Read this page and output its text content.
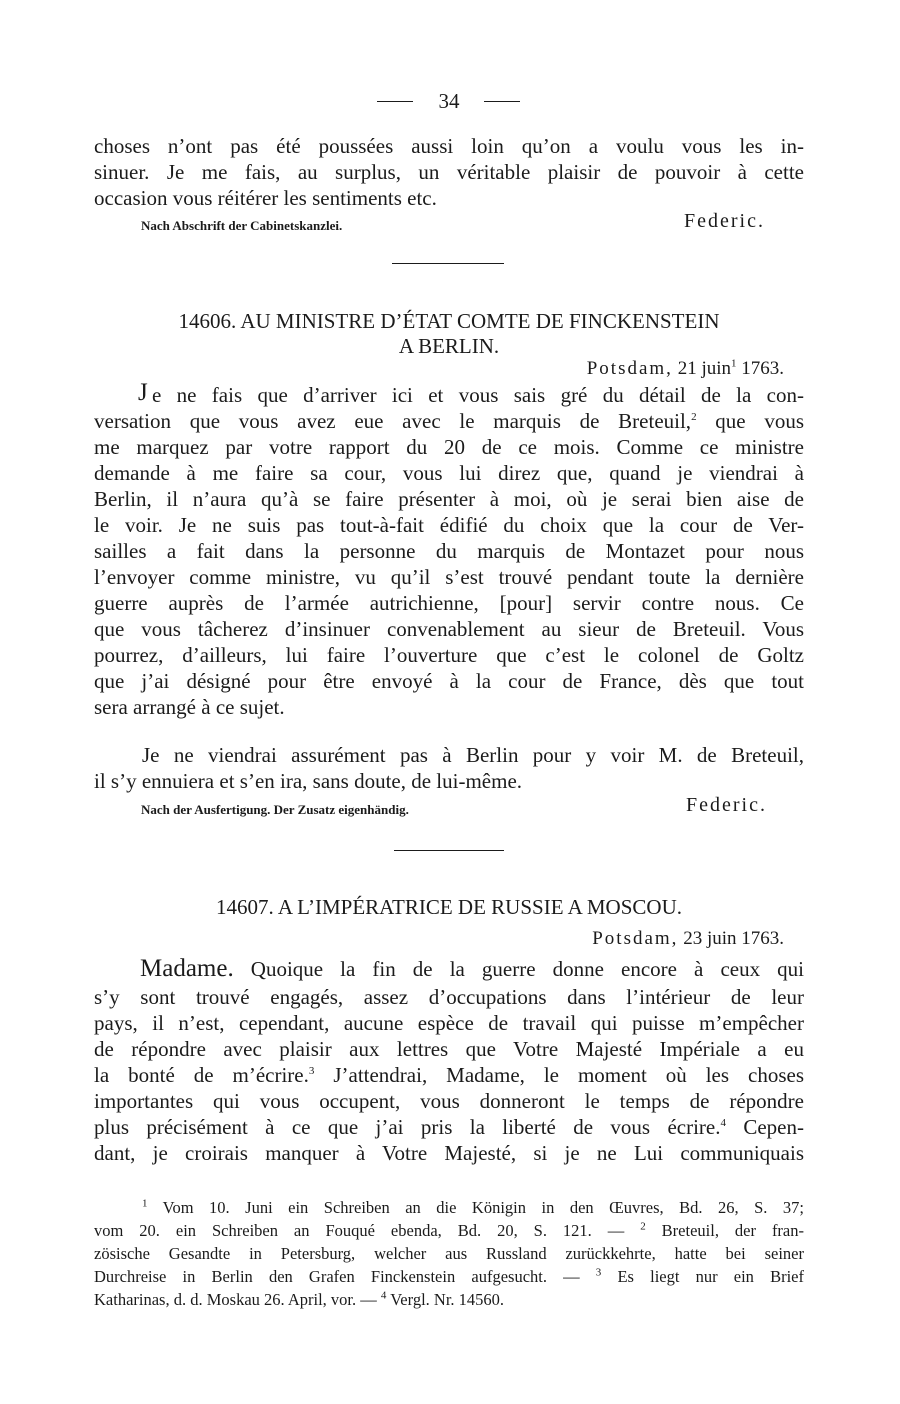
34
choses n’ont pas été poussées aussi loin qu’on a voulu vous les in-
sinuer. Je me fais, au surplus, un véritable plaisir de pouvoir à cette
occasion vous réitérer les sentiments etc.
Nach Abschrift der Cabinetskanzlei.	Federic.
14606. AU MINISTRE D’ÉTAT COMTE DE FINCKENSTEIN
A BERLIN.
Potsdam, 21 juin$^1$ 1763.
J e ne fais que d’arriver ici et vous sais gré du détail de la con-
versation que vous avez eue avec le marquis de Breteuil,$^2$ que vous
me marquez par votre rapport du 20 de ce mois. Comme ce ministre
demande à me faire sa cour, vous lui direz que, quand je viendrai à
Berlin, il n’aura qu’à se faire présenter à moi, où je serai bien aise de
le voir. Je ne suis pas tout-à-fait édifié du choix que la cour de Ver-
sailles a fait dans la personne du marquis de Montazet pour nous
l’envoyer comme ministre, vu qu’il s’est trouvé pendant toute la dernière
guerre auprès de l’armée autrichienne, [pour] servir contre nous. Ce
que vous tâcherez d’insinuer convenablement au sieur de Breteuil. Vous
pourrez, d’ailleurs, lui faire l’ouverture que c’est le colonel de Goltz
que j’ai désigné pour être envoyé à la cour de France, dès que tout
sera arrangé à ce sujet.
Je ne viendrai assurément pas à Berlin pour y voir M. de Breteuil,
il s’y ennuiera et s’en ira, sans doute, de lui-même.
Nach der Ausfertigung. Der Zusatz eigenhändig.	Federic.
14607. A L’IMPÉRATRICE DE RUSSIE A MOSCOU.
Potsdam, 23 juin 1763.
Madame. Quoique la fin de la guerre donne encore à ceux qui
s’y sont trouvé engagés, assez d’occupations dans l’intérieur de leur
pays, il n’est, cependant, aucune espèce de travail qui puisse m’empêcher
de répondre avec plaisir aux lettres que Votre Majesté Impériale a eu
la bonté de m’écrire.$^3$ J’attendrai, Madame, le moment où les choses
importantes qui vous occupent, vous donneront le temps de répondre
plus précisément à ce que j’ai pris la liberté de vous écrire.$^4$ Cepen-
dant, je croirais manquer à Votre Majesté, si je ne Lui communiquais
$^1$ Vom 10. Juni ein Schreiben an die Königin in den Œuvres, Bd. 26, S. 37;
vom 20. ein Schreiben an Fouqué ebenda, Bd. 20, S. 121. — $^2$ Breteuil, der fran-
zösische Gesandte in Petersburg, welcher aus Russland zurückkehrte, hatte bei seiner
Durchreise in Berlin den Grafen Finckenstein aufgesucht. — $^3$ Es liegt nur ein Brief
Katharinas, d. d. Moskau 26. April, vor. — $^4$ Vergl. Nr. 14560.
